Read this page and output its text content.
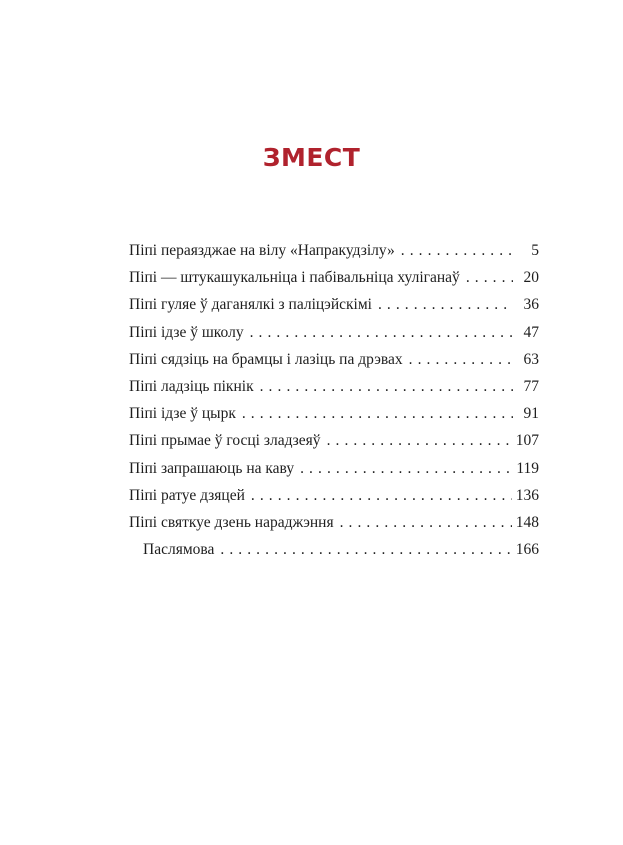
ЗМЕСТ
Пiпi пераязджае на вiлу «Напракудзiлу» . . .	5
Пiпi — штукашукальнiца i пабiвальнiца хулiганаў . . .	20
Пiпi гуляе ў даганялкi з палiцэйскiмi . . .	36
Пiпi iдзе ў школу . . .	47
Пiпi сядзiць на брамцы i лазiць па дрэвах . . .	63
Пiпi ладзiць пiкнiк . . .	77
Пiпi iдзе ў цырк . . .	91
Пiпi прымае ў госцi зладзеяў . . .	107
Пiпi запрашаюць на каву . . .	119
Пiпi ратуе дзяцей . . .	136
Пiпi святкуе дзень нараджэння . . .	148
Паслямова . . .	166
